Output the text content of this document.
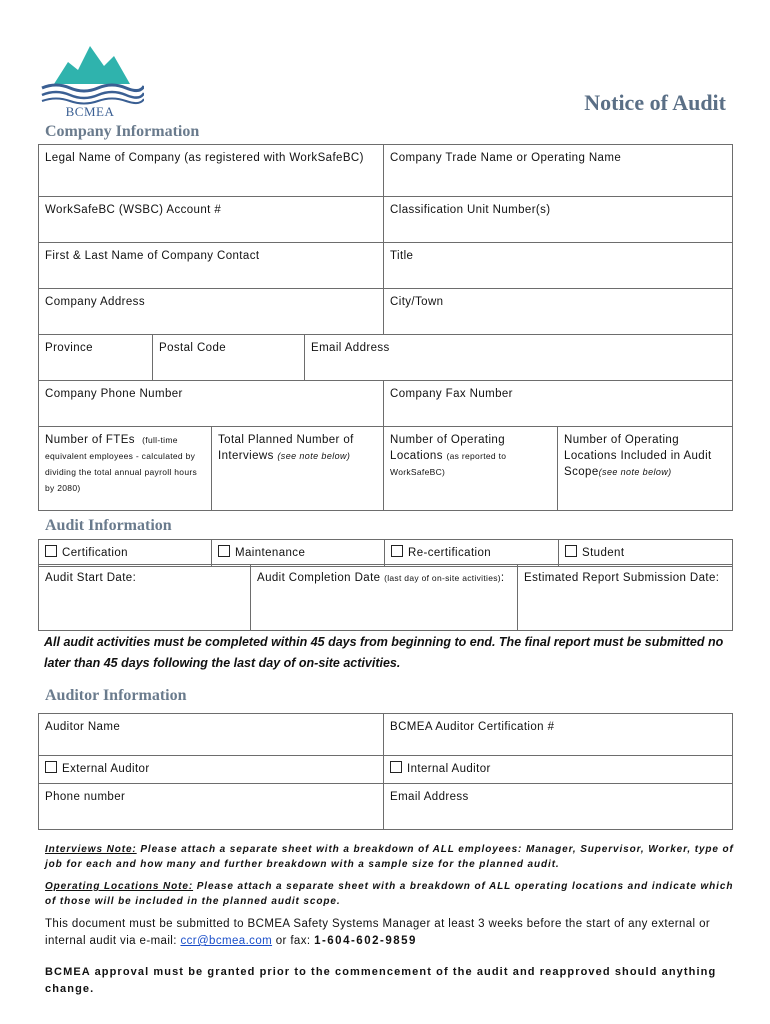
BCMEA	Notice of Audit
Company Information
Legal Name of Company (as registered with WorkSafeBC)				Company Trade Name or Operating Name	
WorkSafeBC (WSBC) Account #				Classification Unit Number(s)	
First & Last Name of Company Contact				Title	
Company Address				City/Town	
Province	Postal Code		Email Address		
Company Phone Number				Company Fax Number	
Number of FTEs (full-time
equivalent employees - calculated by dividing the total annual payroll hours by 2080)		Total Planned Number of Interviews (see note below)		Number of Operating Locations (as reported to WorkSafeBC)	Number of Operating Locations Included in Audit Scope(see note below)
Audit Information
Certification	Maintenance	Re-certification	Student
Audit Start Date:	Audit Completion Date (last day of on-site activities):	Estimated Report Submission Date:
All audit activities must be completed within 45 days from beginning to end. The final report must be submitted no later than 45 days following the last day of on-site activities.
Auditor Information
Auditor Name	BCMEA Auditor Certification #
External Auditor	Internal Auditor
Phone number	Email Address
Interviews Note: Please attach a separate sheet with a breakdown of ALL employees: Manager, Supervisor, Worker, type of job for each and how many and further breakdown with a sample size for the planned audit.
Operating Locations Note: Please attach a separate sheet with a breakdown of ALL operating locations and indicate which of those will be included in the planned audit scope.
This document must be submitted to BCMEA Safety Systems Manager at least 3 weeks before the start of any external or internal audit via e-mail: ccr@bcmea.com or fax: 1-604-602-9859
BCMEA approval must be granted prior to the commencement of the audit and reapproved should anything change.
